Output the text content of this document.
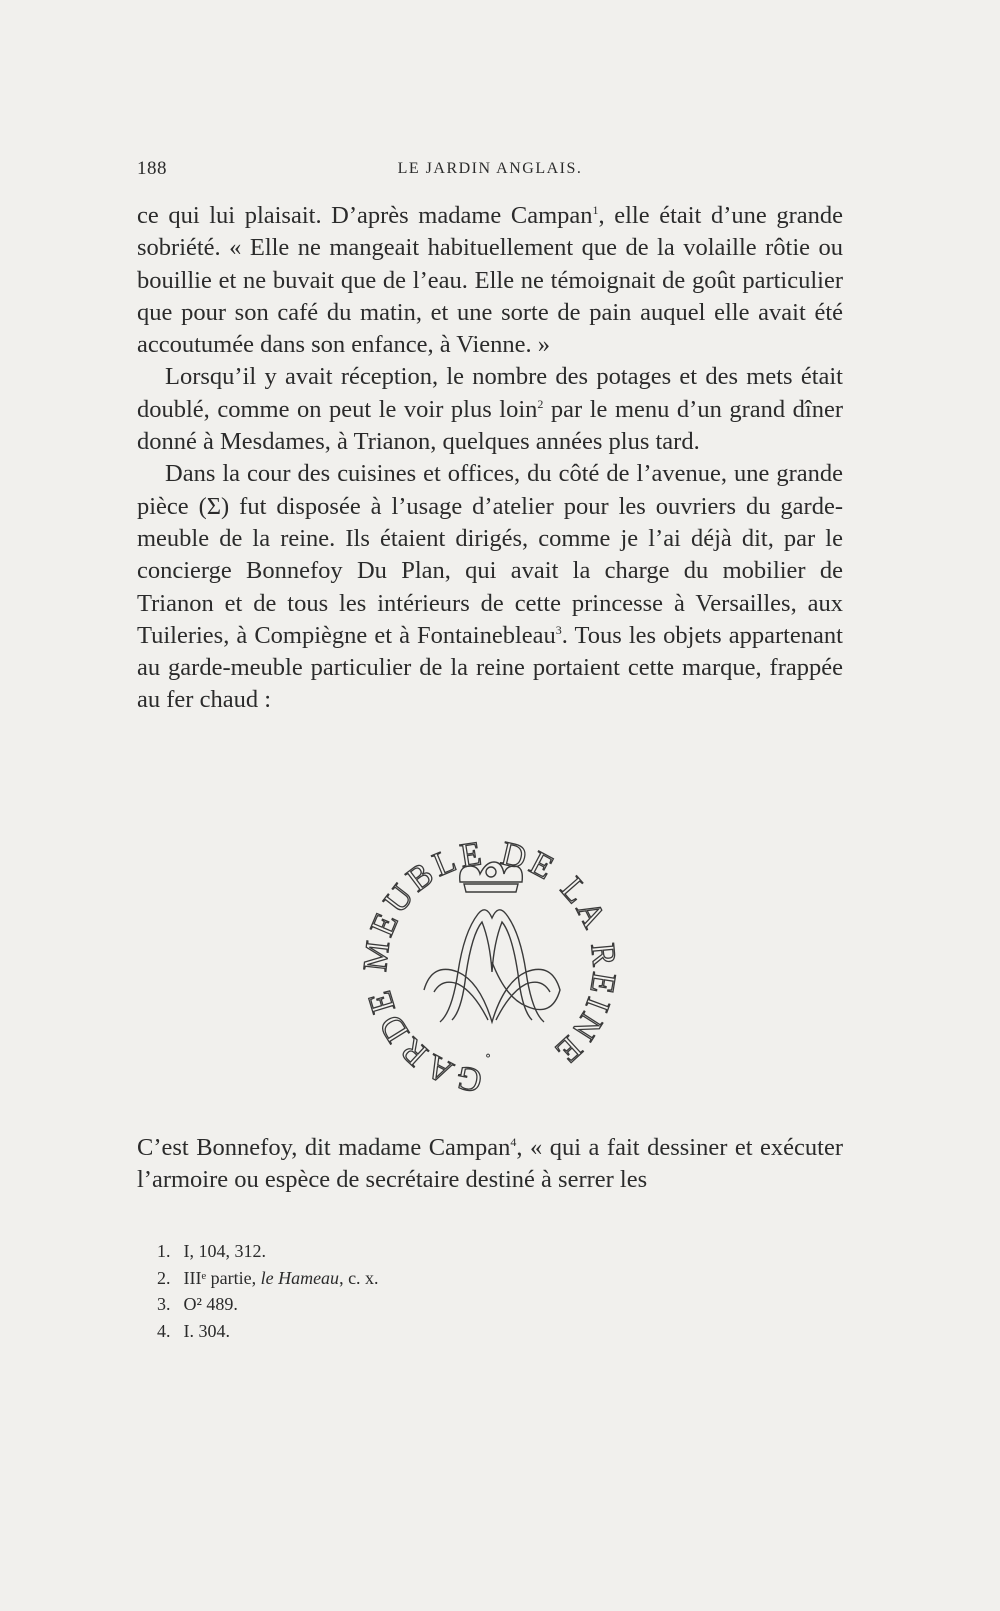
188	LE JARDIN ANGLAIS.

ce qui lui plaisait. D’après madame Campan$^1$, elle était d’une grande sobriété. « Elle ne mangeait habituellement que de la volaille rôtie ou bouillie et ne buvait que de l’eau. Elle ne témoignait de goût particulier que pour son café du matin, et une sorte de pain auquel elle avait été accoutumée dans son enfance, à Vienne. »

Lorsqu’il y avait réception, le nombre des potages et des mets était doublé, comme on peut le voir plus loin$^2$ par le menu d’un grand dîner donné à Mesdames, à Trianon, quelques années plus tard.

Dans la cour des cuisines et offices, du côté de l’avenue, une grande pièce (Σ) fut disposée à l’usage d’atelier pour les ouvriers du garde-meuble de la reine. Ils étaient dirigés, comme je l’ai déjà dit, par le concierge Bonnefoy Du Plan, qui avait la charge du mobilier de Trianon et de tous les intérieurs de cette princesse à Versailles, aux Tuileries, à Compiègne et à Fontainebleau$^3$. Tous les objets appartenant au garde-meuble particulier de la reine portaient cette marque, frappée au fer chaud :

GARDE MEUBLE DE LA REINE
∘

C’est Bonnefoy, dit madame Campan$^4$, « qui a fait dessiner et exécuter l’armoire ou espèce de secrétaire destiné à serrer les

1. I, 104, 312.
2. IIIᵉ partie, le Hameau, c. x.
3. O² 489.
4. I. 304.
